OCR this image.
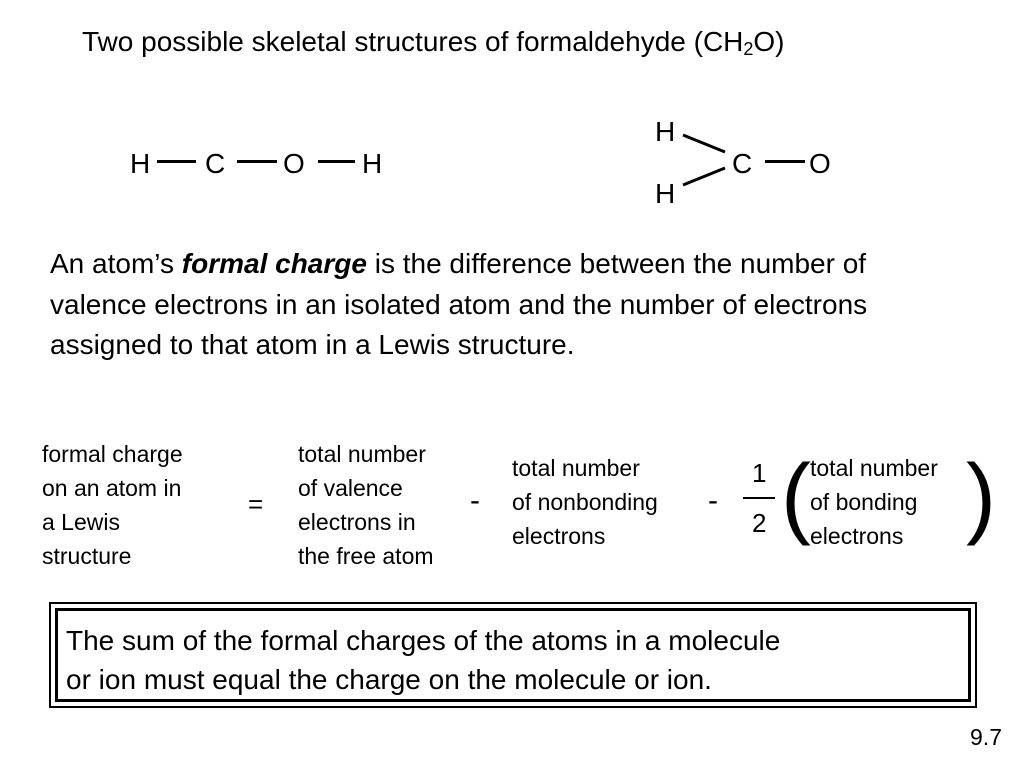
Two possible skeletal structures of formaldehyde $(CH_2O)$
H C O H
H
H
C O
An atom’s formal charge is the difference between the number of valence electrons in an isolated atom and the number of electrons assigned to that atom in a Lewis structure.
formal charge
on an atom in
a Lewis
structure
=
total number
of valence
electrons in
the free atom
-
total number
of nonbonding
electrons
-
1
2 ( total number
of bonding
electrons )
The sum of the formal charges of the atoms in a molecule
or ion must equal the charge on the molecule or ion.
9.7
